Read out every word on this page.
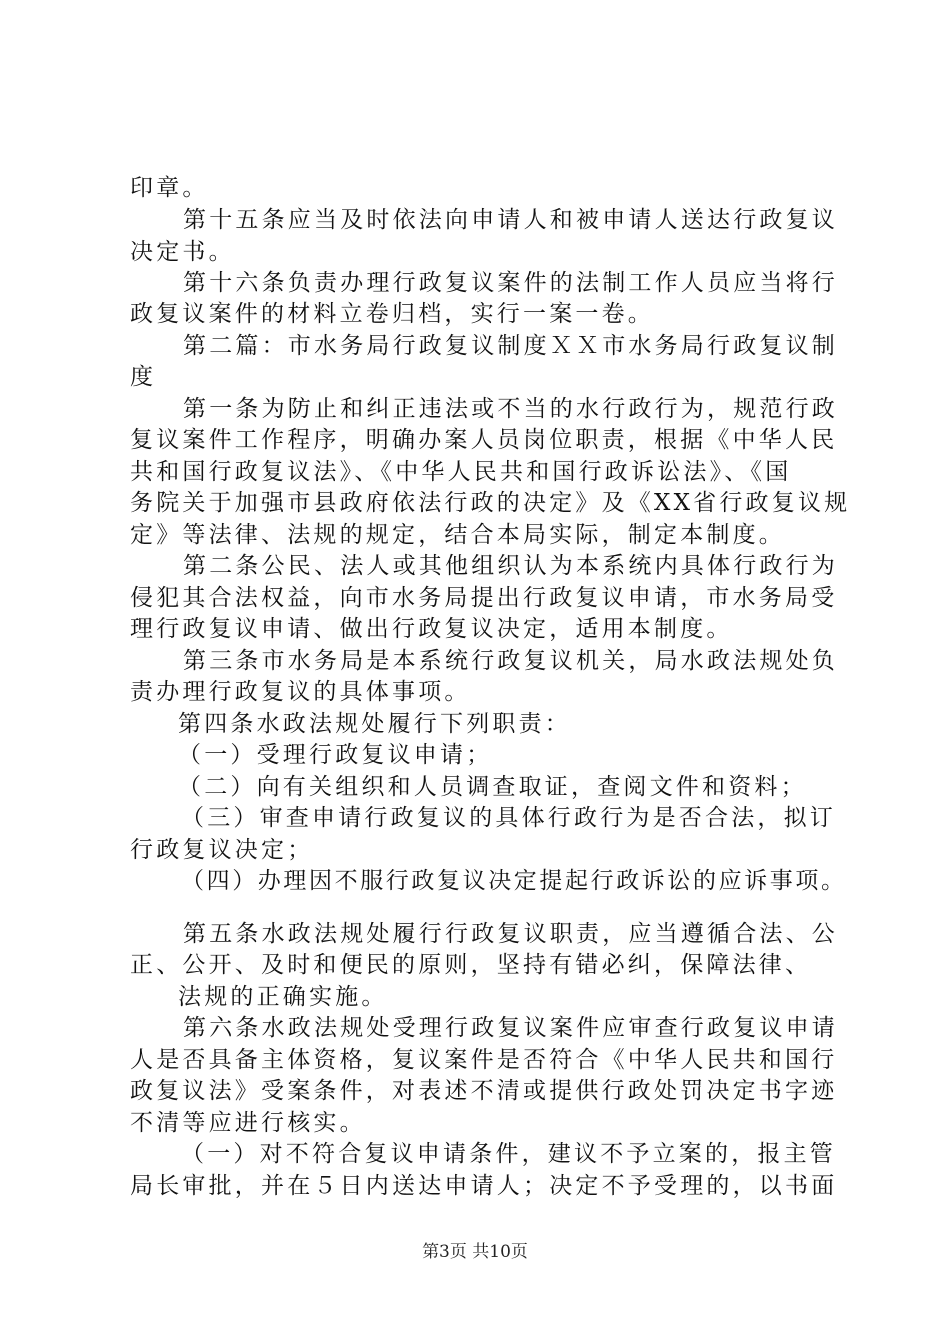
印章。
第十五条应当及时依法向申请人和被申请人送达行政复议
决定书。
第十六条负责办理行政复议案件的法制工作人员应当将行
政复议案件的材料立卷归档，实行一案一卷。
第二篇：市水务局行政复议制度ＸＸ市水务局行政复议制
度
第一条为防止和纠正违法或不当的水行政行为，规范行政
复议案件工作程序，明确办案人员岗位职责，根据《中华人民
共和国行政复议法》、《中华人民共和国行政诉讼法》、《国
务院关于加强市县政府依法行政的决定》及《XX省行政复议规
定》等法律、法规的规定，结合本局实际，制定本制度。
第二条公民、法人或其他组织认为本系统内具体行政行为
侵犯其合法权益，向市水务局提出行政复议申请，市水务局受
理行政复议申请、做出行政复议决定，适用本制度。
第三条市水务局是本系统行政复议机关，局水政法规处负
责办理行政复议的具体事项。
第四条水政法规处履行下列职责：
（一）受理行政复议申请；
（二）向有关组织和人员调查取证，查阅文件和资料；
（三）审查申请行政复议的具体行政行为是否合法，拟订
行政复议决定；
（四）办理因不服行政复议决定提起行政诉讼的应诉事项。
第五条水政法规处履行行政复议职责，应当遵循合法、公
正、公开、及时和便民的原则，坚持有错必纠，保障法律、
法规的正确实施。
第六条水政法规处受理行政复议案件应审查行政复议申请
人是否具备主体资格，复议案件是否符合《中华人民共和国行
政复议法》受案条件，对表述不清或提供行政处罚决定书字迹
不清等应进行核实。
（一）对不符合复议申请条件，建议不予立案的，报主管
局长审批，并在５日内送达申请人；决定不予受理的，以书面
第3页 共10页
